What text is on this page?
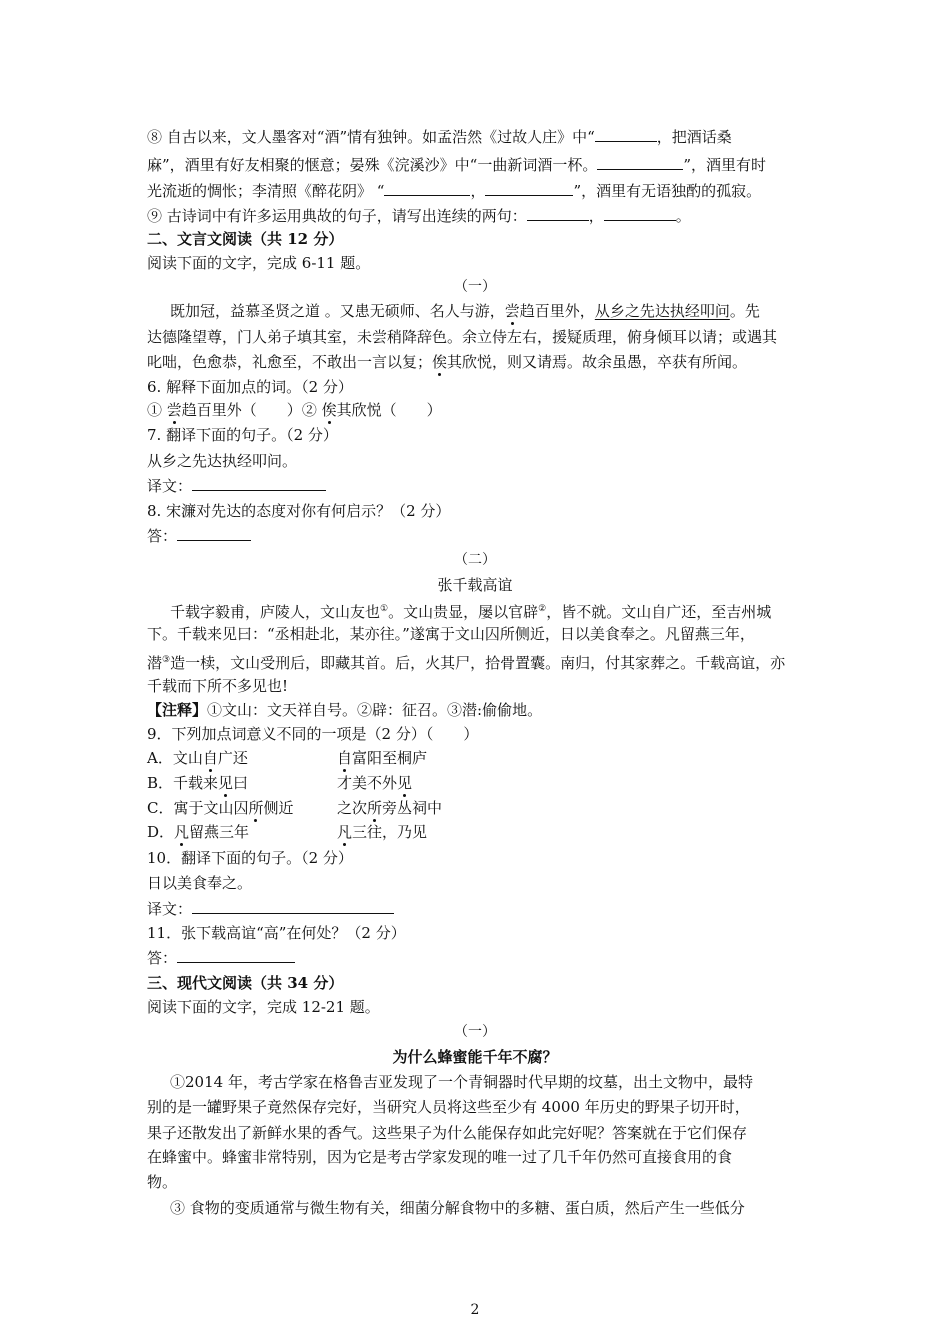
⑧ 自古以来，文人墨客对“酒”情有独钟。如孟浩然《过故人庄》中“	，把酒话桑
麻”，酒里有好友相聚的惬意；晏殊《浣溪沙》中“一曲新词酒一杯。	”，酒里有时
光流逝的惆怅；李清照《醉花阴》 “	，	”，酒里有无语独酌的孤寂。
⑨ 古诗词中有许多运用典故的句子，请写出连续的两句：	，	。
二、文言文阅读（共 12 分）
阅读下面的文字，完成 6-11 题。
（一）
既加冠，益慕圣贤之道 。又患无硕师、名人与游，尝趋百里外，从乡之先达执经叩问。先
达德隆望尊，门人弟子填其室，未尝稍降辞色。余立侍左右，援疑质理，俯身倾耳以请；或遇其
叱咄，色愈恭，礼愈至，不敢出一言以复；俟其欣悦，则又请焉。故余虽愚，卒获有所闻。
6. 解释下面加点的词。（2 分）
① 尝趋百里外（　　）② 俟其欣悦（　　）
7. 翻译下面的句子。（2 分）
从乡之先达执经叩问。
译文：
8. 宋濂对先达的态度对你有何启示？（2 分）
答：
（二）
张千载高谊
千载字毅甫，庐陵人，文山友也①。文山贵显，屡以官辟②，皆不就。文山自广还，至吉州城
下。千载来见曰：“丞相赴北，某亦往。”遂寓于文山囚所侧近，日以美食奉之。凡留燕三年，
潜③造一椟，文山受刑后，即藏其首。后，火其尸，拾骨置囊。南归，付其家葬之。千载高谊，亦
千载而下所不多见也!
【注释】①文山：文天祥自号。②辟：征召。③潜:偷偷地。
9．下列加点词意义不同的一项是（2 分）（　　）
A．文山自广还	自富阳至桐庐
B．千载来见曰	才美不外见
C．寓于文山囚所侧近	之次所旁丛祠中
D．凡留燕三年	凡三往，乃见
10．翻译下面的句子。（2 分）
日以美食奉之。
译文：
11．张下载高谊“高”在何处？（2 分）
答：
三、现代文阅读（共 34 分）
阅读下面的文字，完成 12-21 题。
（一）
为什么蜂蜜能千年不腐？
①2014 年，考古学家在格鲁吉亚发现了一个青铜器时代早期的坟墓，出土文物中，最特
别的是一罐野果子竟然保存完好，当研究人员将这些至少有 4000 年历史的野果子切开时，
果子还散发出了新鲜水果的香气。这些果子为什么能保存如此完好呢？答案就在于它们保存
在蜂蜜中。蜂蜜非常特别，因为它是考古学家发现的唯一过了几千年仍然可直接食用的食
物。
③ 食物的变质通常与微生物有关，细菌分解食物中的多糖、蛋白质，然后产生一些低分
2
